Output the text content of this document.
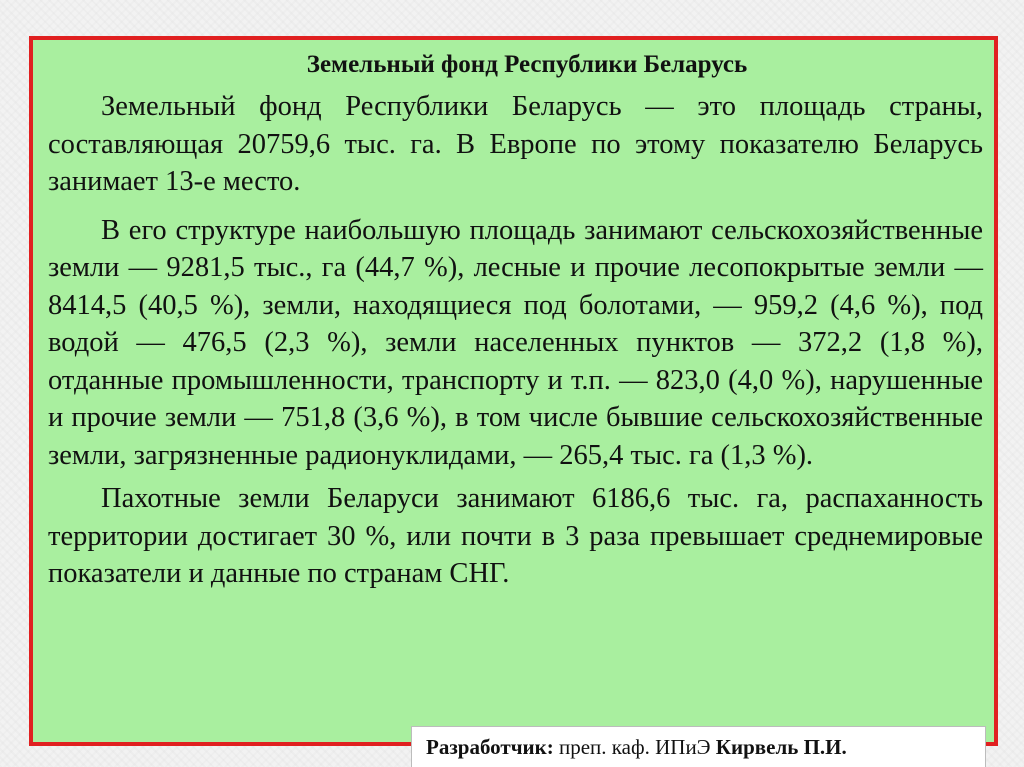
Земельный фонд Республики Беларусь

Земельный фонд Республики Беларусь — это площадь страны, составляющая 20759,6 тыс. га. В Европе по этому показателю Беларусь занимает 13-е место.

В его структуре наибольшую площадь занимают сельскохозяйственные земли — 9281,5 тыс., га (44,7 %), лесные и прочие лесопокрытые земли — 8414,5 (40,5 %), земли, находящиеся под болотами, — 959,2 (4,6 %), под водой — 476,5 (2,3 %), земли населенных пунктов — 372,2 (1,8 %), отданные промышленности, транспорту и т.п. — 823,0 (4,0 %), нарушенные и прочие земли — 751,8 (3,6 %), в том числе бывшие сельскохозяйственные земли, загрязненные радионуклидами, — 265,4 тыс. га (1,3 %).

Пахотные земли Беларуси занимают 6186,6 тыс. га, распаханность территории достигает 30 %, или почти в 3 раза превышает среднемировые показатели и данные по странам СНГ.

Разработчик: преп. каф. ИПиЭ Кирвель П.И.
